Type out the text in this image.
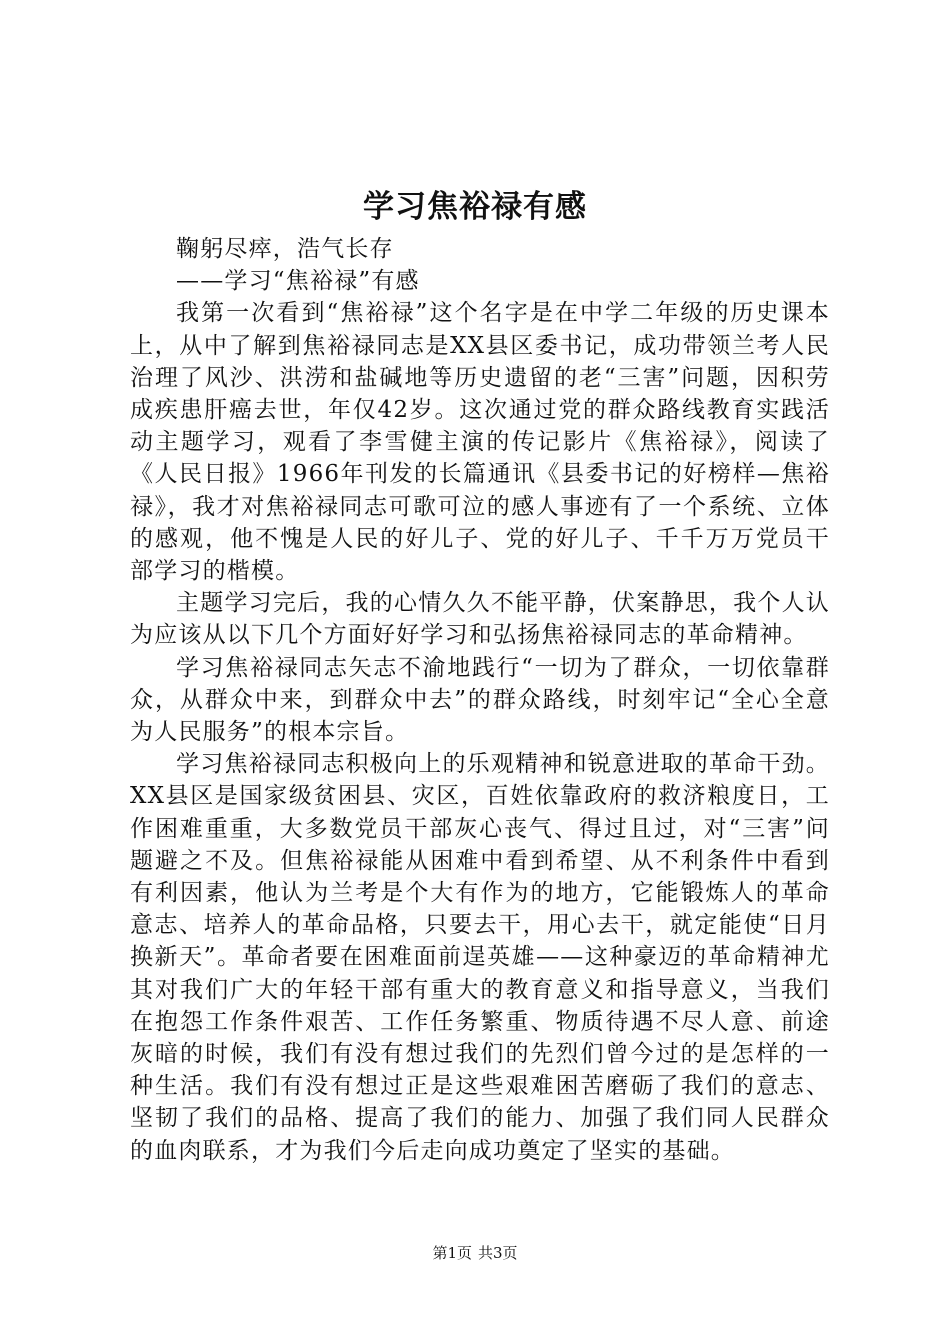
学习焦裕禄有感

鞠躬尽瘁，浩气长存

——学习“焦裕禄”有感

我第一次看到“焦裕禄”这个名字是在中学二年级的历史课本上，从中了解到焦裕禄同志是XX县区委书记，成功带领兰考人民治理了风沙、洪涝和盐碱地等历史遗留的老“三害”问题，因积劳成疾患肝癌去世，年仅42岁。这次通过党的群众路线教育实践活动主题学习，观看了李雪健主演的传记影片《焦裕禄》，阅读了《人民日报》1966年刊发的长篇通讯《县委书记的好榜样—焦裕禄》，我才对焦裕禄同志可歌可泣的感人事迹有了一个系统、立体的感观，他不愧是人民的好儿子、党的好儿子、千千万万党员干部学习的楷模。

主题学习完后，我的心情久久不能平静，伏案静思，我个人认为应该从以下几个方面好好学习和弘扬焦裕禄同志的革命精神。

学习焦裕禄同志矢志不渝地践行“一切为了群众，一切依靠群众，从群众中来，到群众中去”的群众路线，时刻牢记“全心全意为人民服务”的根本宗旨。

学习焦裕禄同志积极向上的乐观精神和锐意进取的革命干劲。XX县区是国家级贫困县、灾区，百姓依靠政府的救济粮度日，工作困难重重，大多数党员干部灰心丧气、得过且过，对“三害”问题避之不及。但焦裕禄能从困难中看到希望、从不利条件中看到有利因素，他认为兰考是个大有作为的地方，它能锻炼人的革命意志、培养人的革命品格，只要去干，用心去干，就定能使“日月换新天”。革命者要在困难面前逞英雄——这种豪迈的革命精神尤其对我们广大的年轻干部有重大的教育意义和指导意义，当我们在抱怨工作条件艰苦、工作任务繁重、物质待遇不尽人意、前途灰暗的时候，我们有没有想过我们的先烈们曾今过的是怎样的一种生活。我们有没有想过正是这些艰难困苦磨砺了我们的意志、坚韧了我们的品格、提高了我们的能力、加强了我们同人民群众的血肉联系，才为我们今后走向成功奠定了坚实的基础。

第1页 共3页
